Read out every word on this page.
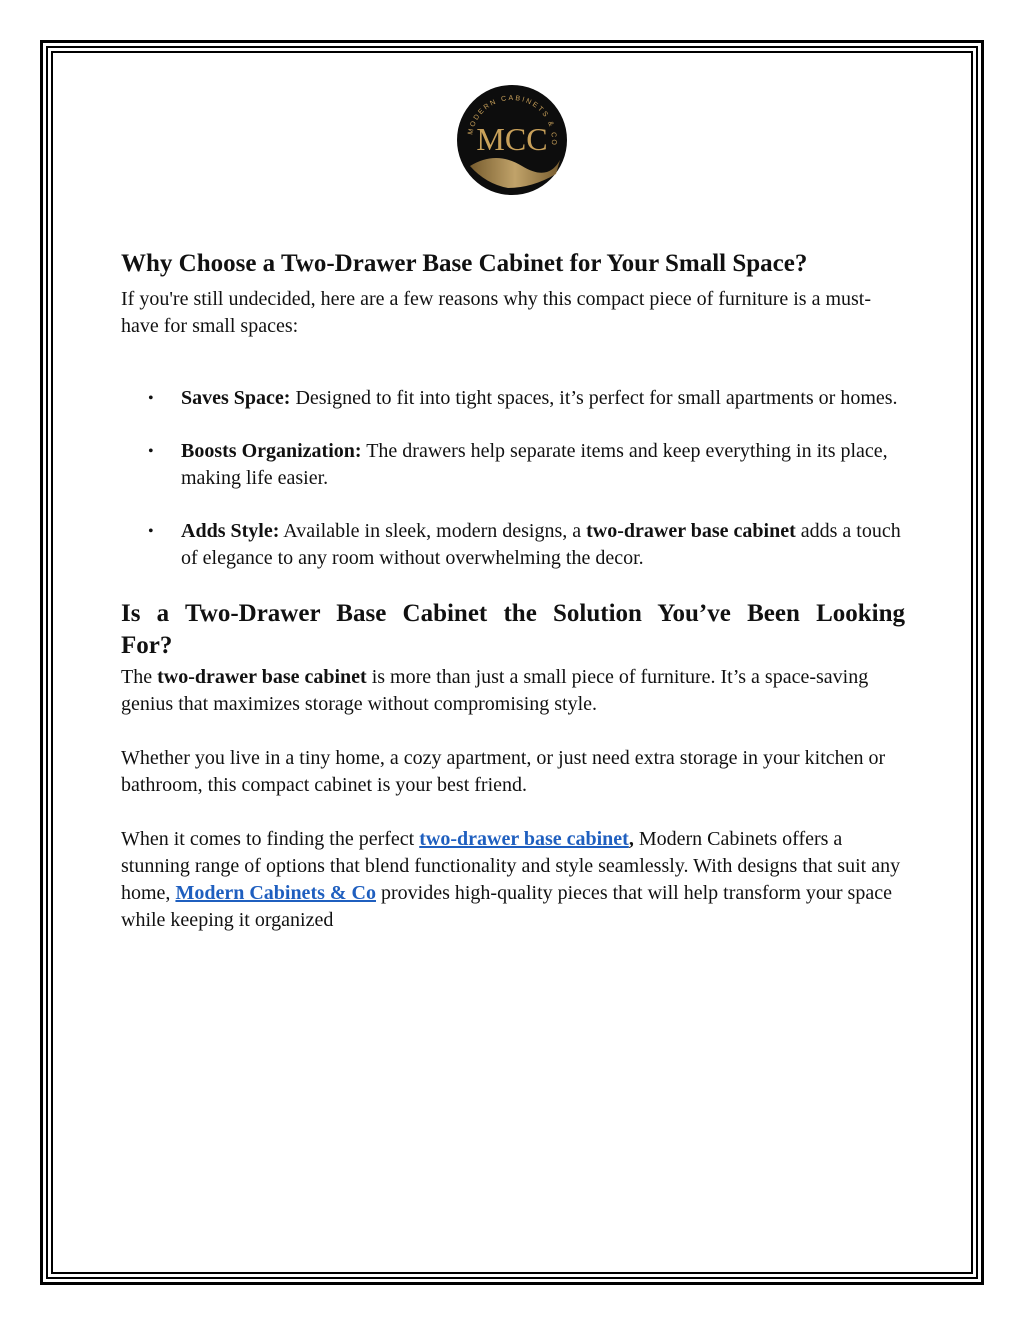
MODERN CABINETS & CO
MCC
Why Choose a Two-Drawer Base Cabinet for Your Small Space?

If you're still undecided, here are a few reasons why this compact piece of furniture is a must-have for small spaces:

• Saves Space: Designed to fit into tight spaces, it’s perfect for small apartments or homes.
• Boosts Organization: The drawers help separate items and keep everything in its place, making life easier.
• Adds Style: Available in sleek, modern designs, a two-drawer base cabinet adds a touch of elegance to any room without overwhelming the decor.
Is a Two-Drawer Base Cabinet the Solution You’ve Been Looking
For?

The two-drawer base cabinet is more than just a small piece of furniture. It’s a space-saving genius that maximizes storage without compromising style.

Whether you live in a tiny home, a cozy apartment, or just need extra storage in your kitchen or bathroom, this compact cabinet is your best friend.

When it comes to finding the perfect two-drawer base cabinet, Modern Cabinets offers a stunning range of options that blend functionality and style seamlessly. With designs that suit any home, Modern Cabinets & Co provides high-quality pieces that will help transform your space while keeping it organized
